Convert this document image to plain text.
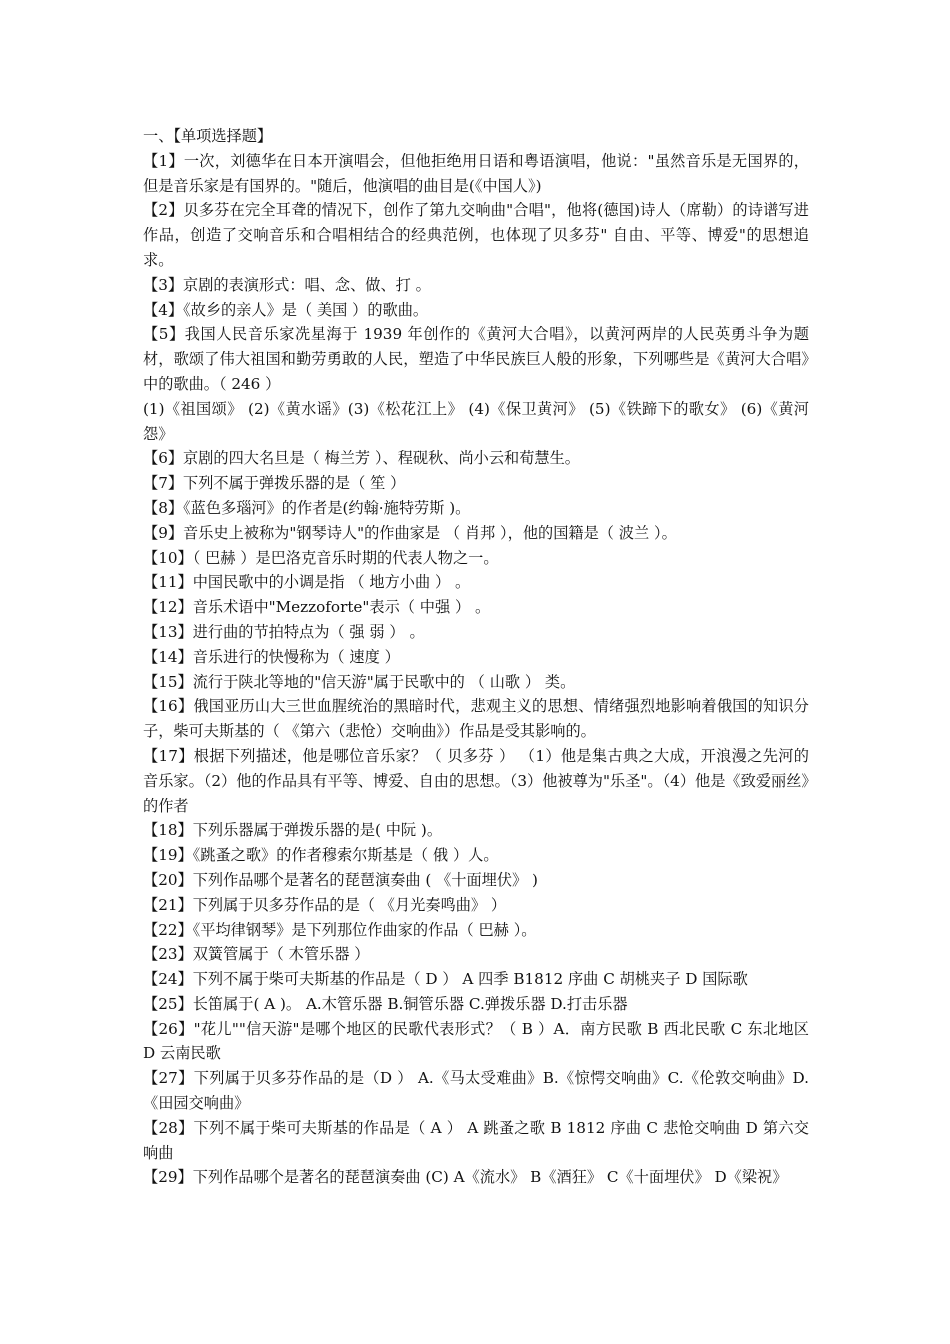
一、【单项选择题】
【1】一次，刘德华在日本开演唱会，但他拒绝用日语和粤语演唱，他说："虽然音乐是无国界的，但是音乐家是有国界的。"随后，他演唱的曲目是(《中国人》)
【2】贝多芬在完全耳聋的情况下，创作了第九交响曲"合唱"，他将(德国)诗人（席勒）的诗谱写进作品，创造了交响音乐和合唱相结合的经典范例，也体现了贝多芬" 自由、平等、博爱"的思想追求。
【3】京剧的表演形式：唱、念、做、打 。
【4】《故乡的亲人》是（ 美国 ）的歌曲。
【5】我国人民音乐家冼星海于 1939 年创作的《黄河大合唱》，以黄河两岸的人民英勇斗争为题材，歌颂了伟大祖国和勤劳勇敢的人民，塑造了中华民族巨人般的形象，下列哪些是《黄河大合唱》中的歌曲。（ 246 ）
(1)《祖国颂》 (2)《黄水谣》(3)《松花江上》 (4)《保卫黄河》 (5)《铁蹄下的歌女》 (6)《黄河怨》
【6】京剧的四大名旦是（ 梅兰芳 ）、程砚秋、尚小云和荀慧生。
【7】下列不属于弹拨乐器的是（ 笙 ）
【8】《蓝色多瑙河》的作者是(约翰·施特劳斯 )。
【9】音乐史上被称为"钢琴诗人"的作曲家是 （ 肖邦 ），他的国籍是（ 波兰 ）。
【10】（ 巴赫 ）是巴洛克音乐时期的代表人物之一。
【11】中国民歌中的小调是指 （ 地方小曲 ） 。
【12】音乐术语中"Mezzoforte"表示（ 中强 ） 。
【13】进行曲的节拍特点为（ 强 弱 ） 。
【14】音乐进行的快慢称为（ 速度 ）
【15】流行于陕北等地的"信天游"属于民歌中的 （ 山歌 ） 类。
【16】俄国亚历山大三世血腥统治的黑暗时代，悲观主义的思想、情绪强烈地影响着俄国的知识分子，柴可夫斯基的（ 《第六（悲怆）交响曲》）作品是受其影响的。
【17】根据下列描述，他是哪位音乐家？（ 贝多芬 ） （1）他是集古典之大成，开浪漫之先河的音乐家。（2）他的作品具有平等、博爱、自由的思想。（3）他被尊为"乐圣"。（4）他是《致爱丽丝》的作者
【18】下列乐器属于弹拨乐器的是( 中阮 )。
【19】《跳蚤之歌》的作者穆索尔斯基是（ 俄 ）人。
【20】下列作品哪个是著名的琵琶演奏曲 ( 《十面埋伏》 )
【21】下列属于贝多芬作品的是（ 《月光奏鸣曲》 ）
【22】《平均律钢琴》是下列那位作曲家的作品（ 巴赫 ）。
【23】双簧管属于（ 木管乐器 ）
【24】下列不属于柴可夫斯基的作品是（ D ） A 四季 B1812 序曲 C 胡桃夹子 D 国际歌
【25】长笛属于( A )。 A.木管乐器 B.铜管乐器 C.弹拨乐器 D.打击乐器
【26】"花儿""信天游"是哪个地区的民歌代表形式？（ B ）A．南方民歌 B 西北民歌 C 东北地区 D 云南民歌
【27】下列属于贝多芬作品的是（D ） A.《马太受难曲》B.《惊愕交响曲》C.《伦敦交响曲》D.《田园交响曲》
【28】下列不属于柴可夫斯基的作品是（ A ） A 跳蚤之歌 B 1812 序曲 C 悲怆交响曲 D 第六交响曲
【29】下列作品哪个是著名的琵琶演奏曲 (C) A《流水》 B《酒狂》 C《十面埋伏》 D《梁祝》
